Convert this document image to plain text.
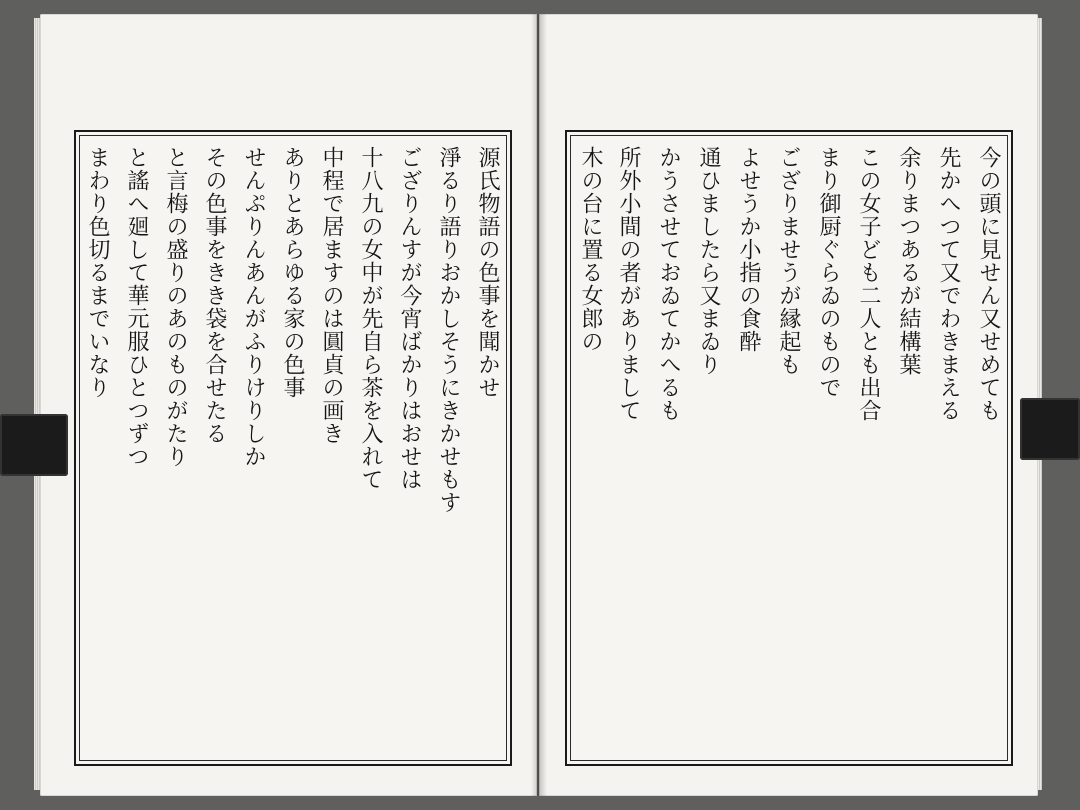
源氏物語の色事を聞かせ
淨るり語りおかしそうにきかせもす
ござりんすが今宵ばかりはおせは
十八九の女中が先自ら茶を入れて
中程で居ますのは圓貞の画き
ありとあらゆる家の色事
せんぷりんあんがふりけりしか
その色事をきき袋を合せたる
と言梅の盛りのあのものがたり
と謠へ廻して華元服ひとつずつ
まわり色切るまでいなり	今の頭に見せん又せめても
先かへつて又でわきまえる
余りまつあるが結構葉
この女子ども二人とも出合
まり御厨ぐらゐのもので
ござりませうが縁起も
よせうか小指の食酔
通ひましたら又まゐり
かうさせておゐてかへるも
所外小間の者がありまして
木の台に置る女郎の
